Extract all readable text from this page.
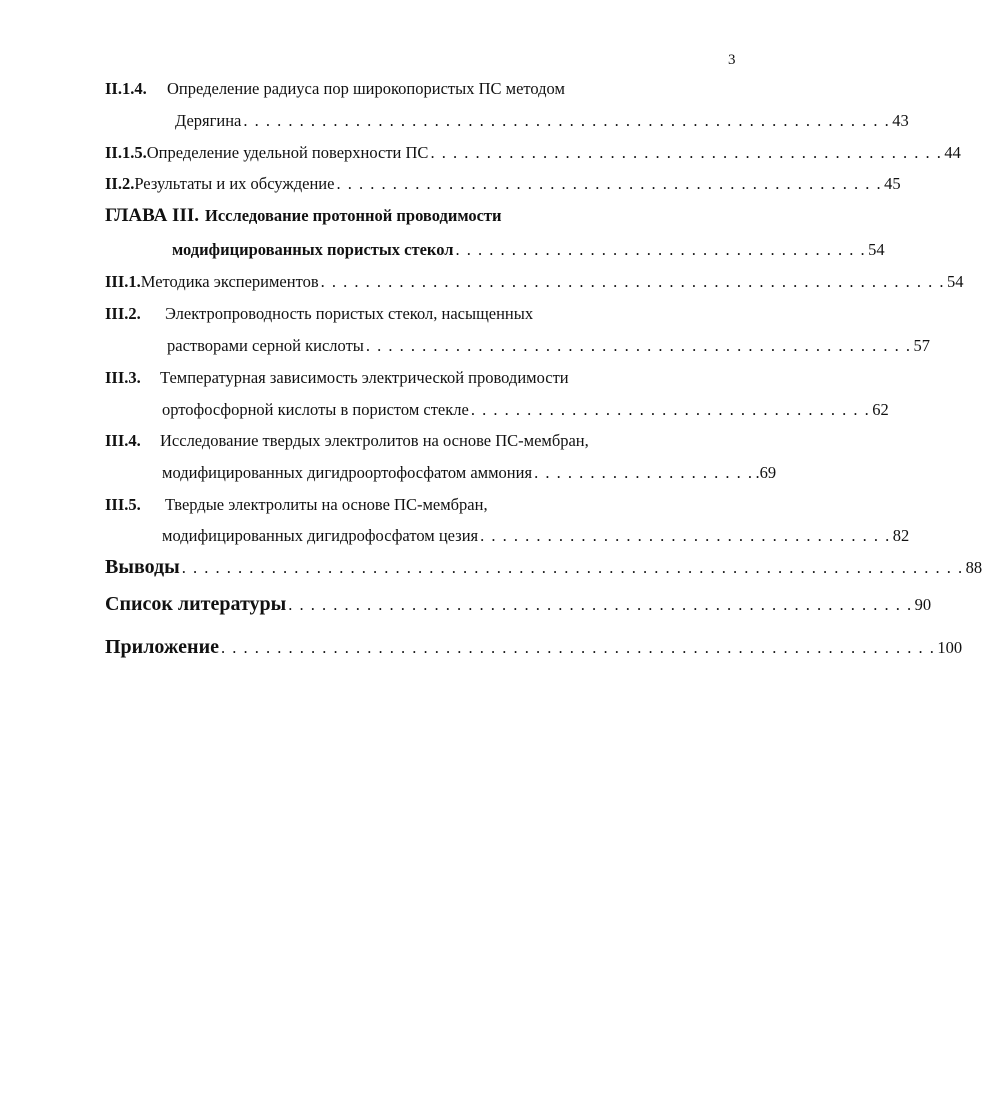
3
II.1.4.	Определение радиуса пор широкопористых ПС методом
Дерягина . . . . . . . . . . . . . . . . . . . . . . . . . . . . . . . . . . . . . . . . . . . . . . . . . . . . . . . . . . 43
II.1.5. Определение удельной поверхности ПС . . . . . . . . . . . . . . . . . . . . . . . . . . . . . . . . . . . . . . . . . . . . . . 44
II.2. Результаты и их обсуждение . . . . . . . . . . . . . . . . . . . . . . . . . . . . . . . . . . . . . . . . . . . . . . . . . 45
ГЛАВА III. Исследование протонной проводимости
модифицированных пористых стекол . . . . . . . . . . . . . . . . . . . . . . . . . . . . . . . . . . . . . 54
III.1. Методика экспериментов . . . . . . . . . . . . . . . . . . . . . . . . . . . . . . . . . . . . . . . . . . . . . . . . . . . . . . . . 54
III.2.	Электропроводность пористых стекол, насыщенных
растворами серной кислоты . . . . . . . . . . . . . . . . . . . . . . . . . . . . . . . . . . . . . . . . . . . . . . . . . 57
III.3.	Температурная зависимость электрической проводимости
ортофосфорной кислоты в пористом стекле . . . . . . . . . . . . . . . . . . . . . . . . . . . . . . . . . . . . 62
III.4.	Исследование твердых электролитов на основе ПС-мембран,
модифицированных дигидроортофосфатом аммония . . . . . . . . . . . . . . . . . . . . .69
III.5.	Твердые электролиты на основе ПС-мембран,
модифицированных дигидрофосфатом цезия . . . . . . . . . . . . . . . . . . . . . . . . . . . . . . . . . . . . . 82
Выводы . . . . . . . . . . . . . . . . . . . . . . . . . . . . . . . . . . . . . . . . . . . . . . . . . . . . . . . . . . . . . . . . . . . . . . 88
Список литературы . . . . . . . . . . . . . . . . . . . . . . . . . . . . . . . . . . . . . . . . . . . . . . . . . . . . . . . . 90
Приложение . . . . . . . . . . . . . . . . . . . . . . . . . . . . . . . . . . . . . . . . . . . . . . . . . . . . . . . . . . . . . . . . 100
